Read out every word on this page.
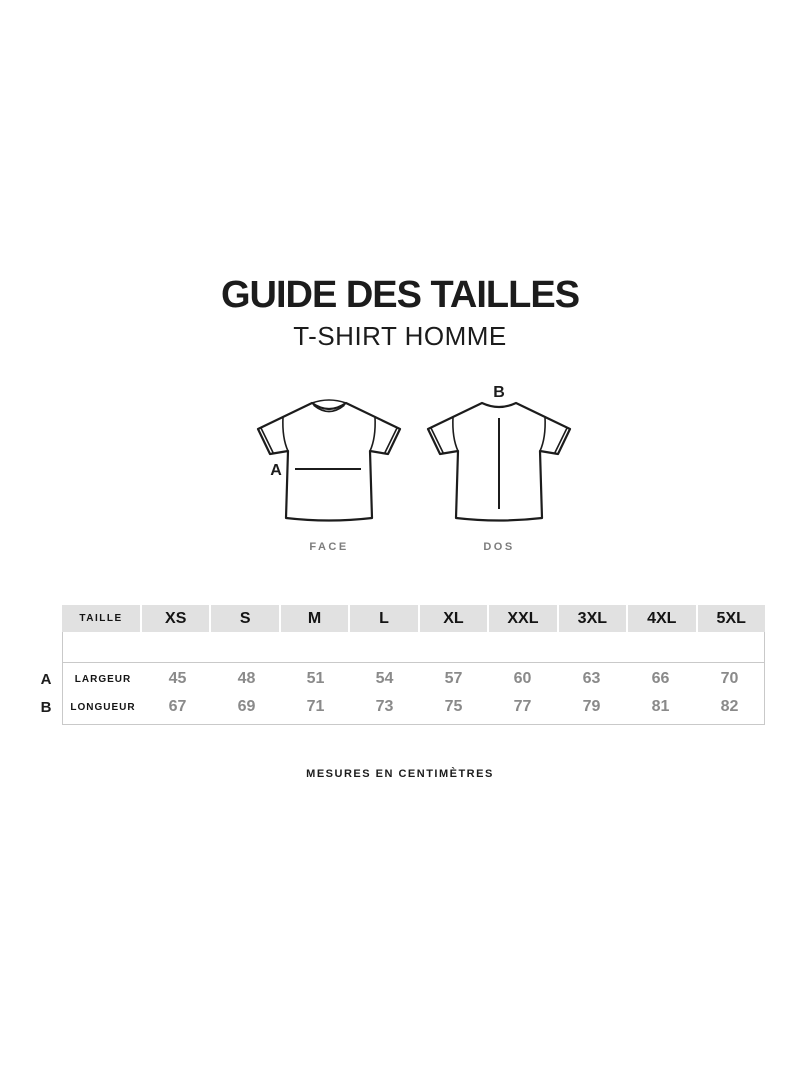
GUIDE DES TAILLES
T-SHIRT HOMME
A
FACE
B
DOS
TAILLE	XS	S	M	L	XL	XXL	3XL	4XL	5XL
A	LARGEUR	45	48	51	54	57	60	63	66	70
B	LONGUEUR	67	69	71	73	75	77	79	81	82
MESURES EN CENTIMÈTRES
